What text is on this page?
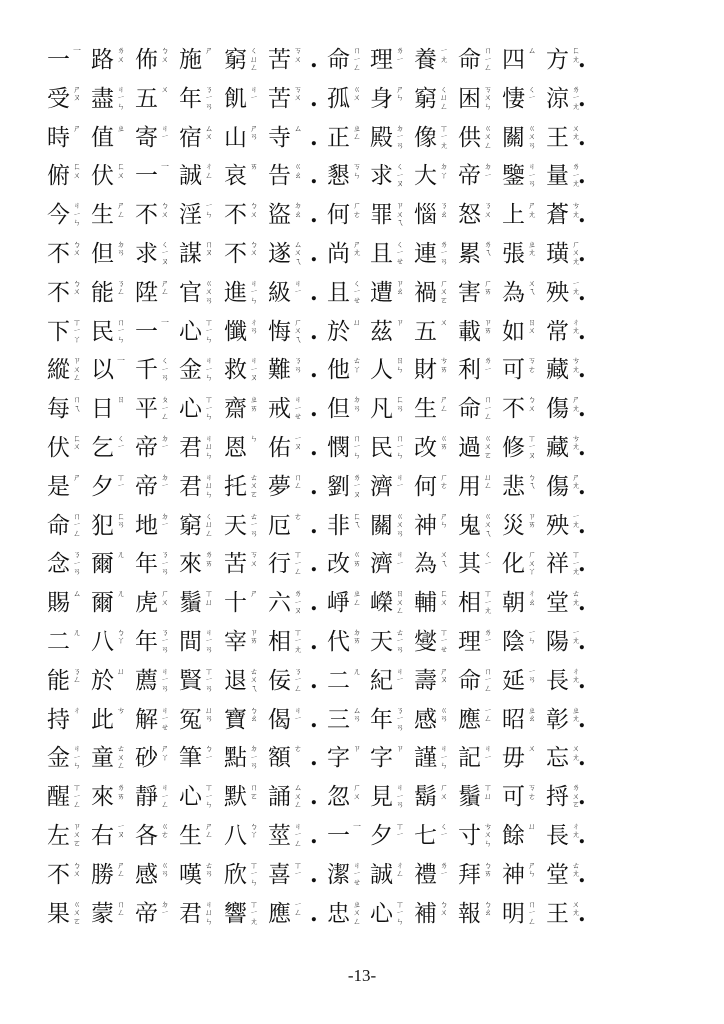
一 一 路 ㄌㄨ 佈 ㄅㄨ 施 ㄕ 窮 ㄑㄩㄥ 苦 ㄎㄨ . 命 ㄇㄧㄥ 理 ㄌㄧ 養 ㄧㄤ 命 ㄇㄧㄥ 四 ㄙ 方 ㄈㄤ
.
受 ㄕㄡ 盡 ㄐㄧㄣ 五 ㄨ 年 ㄋㄧㄢ 飢 ㄐㄧ 苦 ㄎㄨ . 孤 ㄍㄨ 身 ㄕㄣ 窮 ㄑㄩㄥ 困 ㄎㄨㄣ 悽 ㄑㄧ 涼 ㄌㄧㄤ
.
時 ㄕ 值 ㄓ 寄 ㄐㄧ 宿 ㄙㄨ 山 ㄕㄢ 寺 ㄙ . 正 ㄓㄥ 殿 ㄉㄧㄢ 像 ㄒㄧㄤ 供 ㄍㄨㄥ 關 ㄍㄨㄢ 王 ㄨㄤ
.
俯 ㄈㄨ 伏 ㄈㄨ 一 一 誠 ㄔㄥ 哀 ㄞ 告 ㄍㄠ . 懇 ㄎㄣ 求 ㄑㄧㄡ 大 ㄉㄚ 帝 ㄉㄧ 鑒 ㄐㄧㄢ 量 ㄌㄧㄤ
.
今 ㄐㄧㄣ 生 ㄕㄥ 不 ㄅㄨ 淫 ㄧㄣ 不 ㄅㄨ 盜 ㄉㄠ . 何 ㄏㄜ 罪 ㄗㄨㄟ 惱 ㄋㄠ 怒 ㄋㄨ 上 ㄕㄤ 蒼 ㄘㄤ
.
不 ㄅㄨ 但 ㄉㄢ 求 ㄑㄧㄡ 謀 ㄇㄡ 不 ㄅㄨ 遂 ㄙㄨㄟ . 尚 ㄕㄤ 且 ㄑㄧㄝ 連 ㄌㄧㄢ 累 ㄌㄟ 張 ㄓㄤ 璜 ㄏㄨㄤ
.
不 ㄅㄨ 能 ㄋㄥ 陞 ㄕㄥ 官 ㄍㄨㄢ 進 ㄐㄧㄣ 級 ㄐㄧ . 且 ㄑㄧㄝ 遭 ㄗㄠ 禍 ㄏㄨㄛ 害 ㄏㄞ 為 ㄨㄟ 殃 ㄧㄤ
.
下 ㄒㄧㄚ 民 ㄇㄧㄣ 一 一 心 ㄒㄧㄣ 懺 ㄔㄢ 悔 ㄏㄨㄟ . 於 ㄩ 茲 ㄗ 五 ㄨ 載 ㄗㄞ 如 ㄖㄨ 常 ㄔㄤ
.
縱 ㄗㄨㄥ 以 一 千 ㄑㄧㄢ 金 ㄐㄧㄣ 救 ㄐㄧㄡ 難 ㄋㄢ . 他 ㄊㄚ 人 ㄖㄣ 財 ㄘㄞ 利 ㄌㄧ 可 ㄎㄜ 藏 ㄘㄤ
.
每 ㄇㄟ 日 ㄖ 平 ㄆㄧㄥ 心 ㄒㄧㄣ 齋 ㄓㄞ 戒 ㄐㄧㄝ . 但 ㄉㄢ 凡 ㄈㄢ 生 ㄕㄥ 命 ㄇㄧㄥ 不 ㄅㄨ 傷 ㄕㄤ
.
伏 ㄈㄨ 乞 ㄑㄧ 帝 ㄉㄧ 君 ㄐㄩㄣ 恩 ㄣ 佑 ㄧㄡ . 憫 ㄇㄧㄣ 民 ㄇㄧㄣ 改 ㄍㄞ 過 ㄍㄨㄛ 修 ㄒㄧㄡ 藏 ㄘㄤ
.
是 ㄕ 夕 ㄒㄧ 帝 ㄉㄧ 君 ㄐㄩㄣ 托 ㄊㄨㄛ 夢 ㄇㄥ . 劉 ㄌㄧㄡ 濟 ㄐㄧ 何 ㄏㄜ 用 ㄩㄥ 悲 ㄅㄟ 傷 ㄕㄤ
.
命 ㄇㄧㄥ 犯 ㄈㄢ 地 ㄉㄧ 窮 ㄑㄩㄥ 天 ㄊㄧㄢ 厄 ㄜ . 非 ㄈㄟ 關 ㄍㄨㄢ 神 ㄕㄣ 鬼 ㄍㄨㄟ 災 ㄗㄞ 殃 ㄧㄤ
.
念 ㄋㄧㄢ 爾 ㄦ 年 ㄋㄧㄢ 來 ㄌㄞ 苦 ㄎㄨ 行 ㄒㄧㄥ . 改 ㄍㄞ 濟 ㄐㄧ 為 ㄨㄟ 其 ㄑㄧ 化 ㄏㄨㄚ 祥 ㄒㄧㄤ
.
賜 ㄙ 爾 ㄦ 虎 ㄏㄨ 鬚 ㄒㄩ 十 ㄕ 六 ㄌㄧㄡ . 崢 ㄓㄥ 嶸 ㄖㄨㄥ 輔 ㄈㄨ 相 ㄒㄧㄤ 朝 ㄔㄠ 堂 ㄊㄤ
.
二 ㄦ 八 ㄅㄚ 年 ㄋㄧㄢ 間 ㄐㄧㄢ 宰 ㄗㄞ 相 ㄒㄧㄤ . 代 ㄉㄞ 天 ㄊㄧㄢ 燮 ㄒㄧㄝ 理 ㄌㄧ 陰 ㄧㄣ 陽 ㄧㄤ
.
能 ㄋㄥ 於 ㄩ 薦 ㄐㄧㄢ 賢 ㄒㄧㄢ 退 ㄊㄨㄟ 佞 ㄋㄧㄥ . 二 ㄦ 紀 ㄐㄧ 壽 ㄕㄡ 命 ㄇㄧㄥ 延 ㄧㄢ 長 ㄔㄤ
.
持 ㄔ 此 ㄘ 解 ㄐㄧㄝ 冤 ㄩㄢ 寶 ㄅㄠ 偈 ㄐㄧ . 三 ㄙㄢ 年 ㄋㄧㄢ 感 ㄍㄢ 應 ㄧㄥ 昭 ㄓㄠ 彰 ㄓㄤ
.
金 ㄐㄧㄣ 童 ㄊㄨㄥ 砂 ㄕㄚ 筆 ㄅㄧ 點 ㄉㄧㄢ 額 ㄜ . 字 ㄗ 字 ㄗ 謹 ㄐㄧㄣ 記 ㄐㄧ 毋 ㄨ 忘 ㄨㄤ
.
醒 ㄒㄧㄥ 來 ㄌㄞ 靜 ㄐㄧㄥ 心 ㄒㄧㄣ 默 ㄇㄛ 誦 ㄙㄨㄥ . 忽 ㄏㄨ 見 ㄐㄧㄢ 鬍 ㄏㄨ 鬚 ㄒㄩ 可 ㄎㄜ 捋 ㄌㄨㄛ
.
左 ㄗㄨㄛ 右 ㄧㄡ 各 ㄍㄜ 生 ㄕㄥ 八 ㄅㄚ 莖 ㄐㄧㄥ . 一 一 夕 ㄒㄧ 七 ㄑㄧ 寸 ㄘㄨㄣ 餘 ㄩ 長 ㄔㄤ
.
不 ㄅㄨ 勝 ㄕㄥ 感 ㄍㄢ 嘆 ㄊㄢ 欣 ㄒㄧㄣ 喜 ㄒㄧ . 潔 ㄐㄧㄝ 誠 ㄔㄥ 禮 ㄌㄧ 拜 ㄅㄞ 神 ㄕㄣ 堂 ㄊㄤ
.
果 ㄍㄨㄛ 蒙 ㄇㄥ 帝 ㄉㄧ 君 ㄐㄩㄣ 響 ㄒㄧㄤ 應 ㄧㄥ . 忠 ㄓㄨㄥ 心 ㄒㄧㄣ 補 ㄅㄨ 報 ㄅㄠ 明 ㄇㄧㄥ 王 ㄨㄤ
.
-13-
